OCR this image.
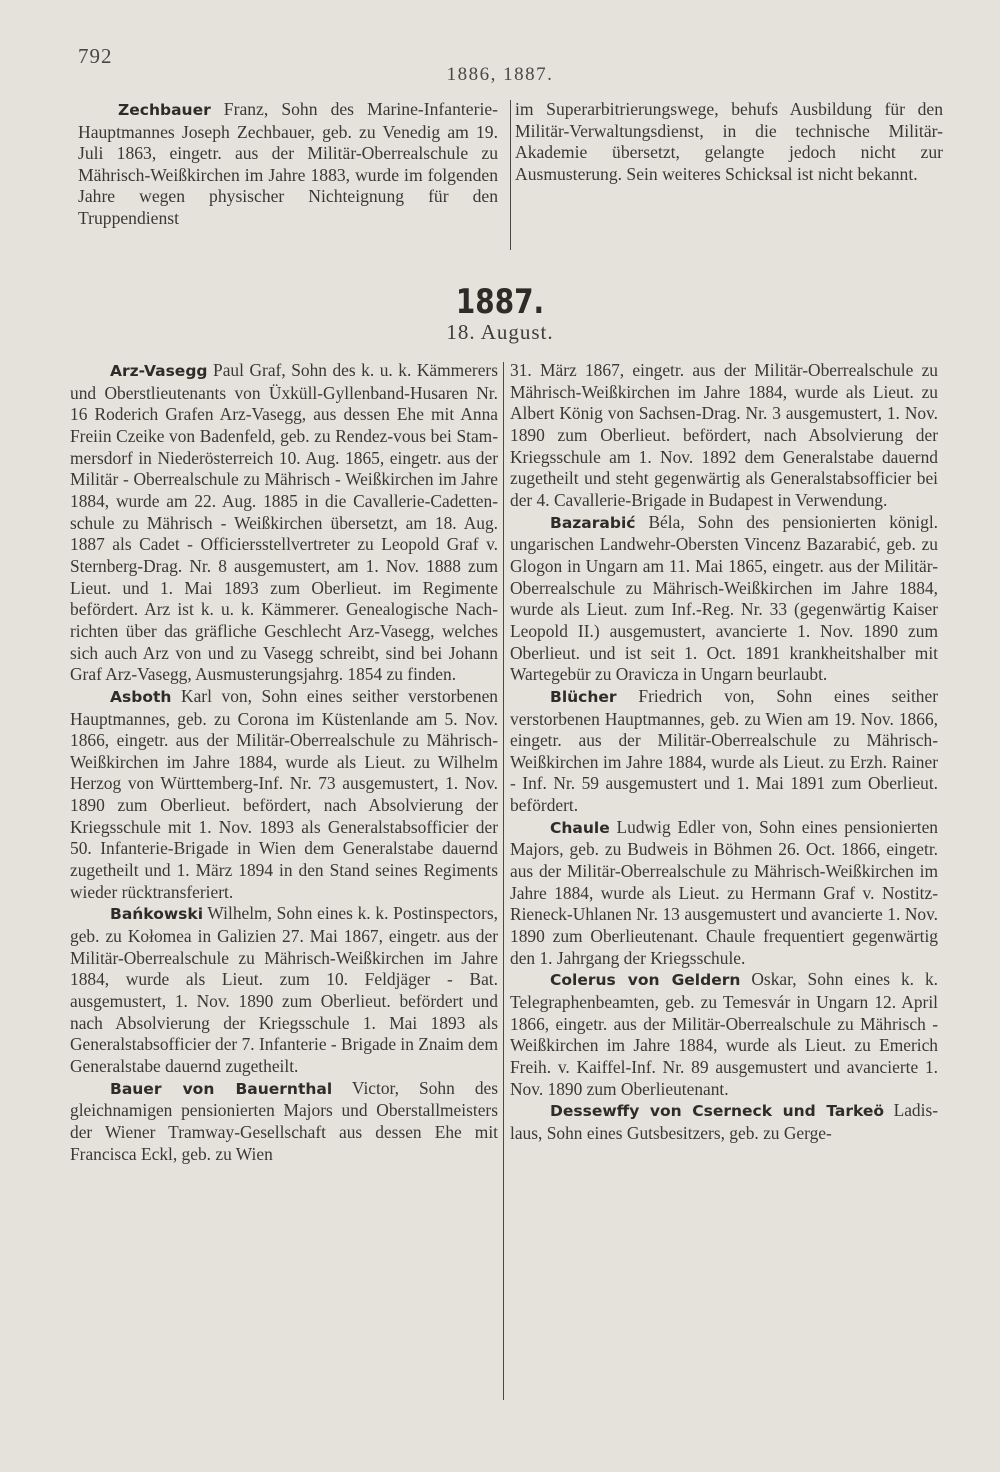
792
1886, 1887.

Zechbauer Franz, Sohn des Marine-Infanterie-Hauptmannes Joseph Zechbauer, geb. zu Venedig am 19. Juli 1863, eingetr. aus der Militär-Oberrealschule zu Mährisch-Weißkirchen im Jahre 1883, wurde im folgenden Jahre wegen physischer Nichteignung für den Truppendienst

im Superarbitrierungswege, behufs Ausbildung für den Militär-Verwaltungsdienst, in die technische Militär-Akademie übersetzt, gelangte jedoch nicht zur Ausmusterung. Sein weiteres Schicksal ist nicht bekannt.

1887.
18. August.

Arz-Vasegg Paul Graf, Sohn des k. u. k. Kämmerers und Oberstlieutenants von Üxküll-Gyllenband-Husaren Nr. 16 Roderich Grafen Arz-Vasegg, aus dessen Ehe mit Anna Freiin Czeike von Badenfeld, geb. zu Rendez-vous bei Stammersdorf in Niederösterreich 10. Aug. 1865, eingetr. aus der Militär - Oberrealschule zu Mährisch - Weißkirchen im Jahre 1884, wurde am 22. Aug. 1885 in die Cavallerie-Cadettenschule zu Mährisch - Weißkirchen übersetzt, am 18. Aug. 1887 als Cadet - Officiersstellvertreter zu Leopold Graf v. Sternberg-Drag. Nr. 8 ausgemustert, am 1. Nov. 1888 zum Lieut. und 1. Mai 1893 zum Oberlieut. im Regimente befördert. Arz ist k. u. k. Kämmerer. Genealogische Nachrichten über das gräfliche Geschlecht Arz-Vasegg, welches sich auch Arz von und zu Vasegg schreibt, sind bei Johann Graf Arz-Vasegg, Ausmusterungsjahrg. 1854 zu finden.

Asboth Karl von, Sohn eines seither verstorbenen Hauptmannes, geb. zu Corona im Küstenlande am 5. Nov. 1866, eingetr. aus der Militär-Oberrealschule zu Mährisch-Weißkirchen im Jahre 1884, wurde als Lieut. zu Wilhelm Herzog von Württemberg-Inf. Nr. 73 ausgemustert, 1. Nov. 1890 zum Oberlieut. befördert, nach Absolvierung der Kriegsschule mit 1. Nov. 1893 als Generalstabsofficier der 50. Infanterie-Brigade in Wien dem Generalstabe dauernd zugetheilt und 1. März 1894 in den Stand seines Regiments wieder rücktransferiert.

Bańkowski Wilhelm, Sohn eines k. k. Postinspectors, geb. zu Kołomea in Galizien 27. Mai 1867, eingetr. aus der Militär-Oberrealschule zu Mährisch-Weißkirchen im Jahre 1884, wurde als Lieut. zum 10. Feldjäger - Bat. ausgemustert, 1. Nov. 1890 zum Oberlieut. befördert und nach Absolvierung der Kriegsschule 1. Mai 1893 als Generalstabsofficier der 7. Infanterie - Brigade in Znaim dem Generalstabe dauernd zugetheilt.

Bauer von Bauernthal Victor, Sohn des gleichnamigen pensionierten Majors und Oberstallmeisters der Wiener Tramway-Gesellschaft aus dessen Ehe mit Francisca Eckl, geb. zu Wien

31. März 1867, eingetr. aus der Militär-Oberrealschule zu Mährisch-Weißkirchen im Jahre 1884, wurde als Lieut. zu Albert König von Sachsen-Drag. Nr. 3 ausgemustert, 1. Nov. 1890 zum Oberlieut. befördert, nach Absolvierung der Kriegsschule am 1. Nov. 1892 dem Generalstabe dauernd zugetheilt und steht gegenwärtig als Generalstabsofficier bei der 4. Cavallerie-Brigade in Budapest in Verwendung.

Bazarabić Béla, Sohn des pensionierten königl. ungarischen Landwehr-Obersten Vincenz Bazarabić, geb. zu Glogon in Ungarn am 11. Mai 1865, eingetr. aus der Militär-Oberrealschule zu Mährisch-Weißkirchen im Jahre 1884, wurde als Lieut. zum Inf.-Reg. Nr. 33 (gegenwärtig Kaiser Leopold II.) ausgemustert, avancierte 1. Nov. 1890 zum Oberlieut. und ist seit 1. Oct. 1891 krankheitshalber mit Wartegebür zu Oravicza in Ungarn beurlaubt.

Blücher Friedrich von, Sohn eines seither verstorbenen Hauptmannes, geb. zu Wien am 19. Nov. 1866, eingetr. aus der Militär-Oberrealschule zu Mährisch-Weißkirchen im Jahre 1884, wurde als Lieut. zu Erzh. Rainer - Inf. Nr. 59 ausgemustert und 1. Mai 1891 zum Oberlieut. befördert.

Chaule Ludwig Edler von, Sohn eines pensionierten Majors, geb. zu Budweis in Böhmen 26. Oct. 1866, eingetr. aus der Militär-Oberrealschule zu Mährisch-Weißkirchen im Jahre 1884, wurde als Lieut. zu Hermann Graf v. Nostitz-Rieneck-Uhlanen Nr. 13 ausgemustert und avancierte 1. Nov. 1890 zum Oberlieutenant. Chaule frequentiert gegenwärtig den 1. Jahrgang der Kriegsschule.

Colerus von Geldern Oskar, Sohn eines k. k. Telegraphenbeamten, geb. zu Temesvár in Ungarn 12. April 1866, eingetr. aus der Militär-Oberrealschule zu Mährisch - Weißkirchen im Jahre 1884, wurde als Lieut. zu Emerich Freih. v. Kaiffel-Inf. Nr. 89 ausgemustert und avancierte 1. Nov. 1890 zum Oberlieutenant.

Dessewffy von Cserneck und Tarkeö Ladislaus, Sohn eines Gutsbesitzers, geb. zu Gerge-
